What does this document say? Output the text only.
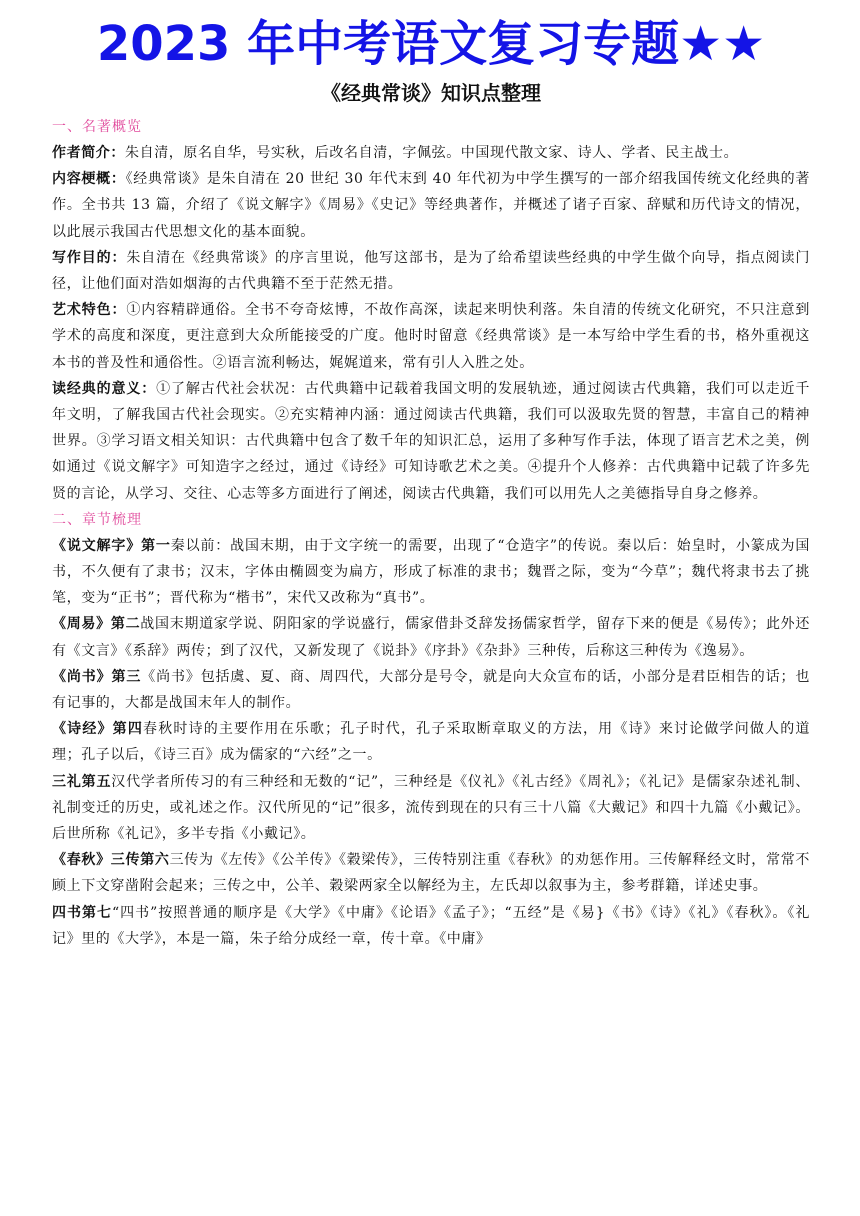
2023 年中考语文复习专题★★
《经典常谈》知识点整理
一、名著概览

作者简介：朱自清，原名自华，号实秋，后改名自清，字佩弦。中国现代散文家、诗人、学者、民主战士。

内容梗概：《经典常谈》是朱自清在 20 世纪 30 年代末到 40 年代初为中学生撰写的一部介绍我国传统文化经典的著作。全书共 13 篇，介绍了《说文解字》《周易》《史记》等经典著作，并概述了诸子百家、辞赋和历代诗文的情况，以此展示我国古代思想文化的基本面貌。

写作目的：朱自清在《经典常谈》的序言里说，他写这部书，是为了给希望读些经典的中学生做个向导，指点阅读门径，让他们面对浩如烟海的古代典籍不至于茫然无措。

艺术特色：①内容精辟通俗。全书不夸奇炫博，不故作高深，读起来明快利落。朱自清的传统文化研究，不只注意到学术的高度和深度，更注意到大众所能接受的广度。他时时留意《经典常谈》是一本写给中学生看的书，格外重视这本书的普及性和通俗性。②语言流利畅达，娓娓道来，常有引人入胜之处。

读经典的意义：①了解古代社会状况：古代典籍中记载着我国文明的发展轨迹，通过阅读古代典籍，我们可以走近千年文明，了解我国古代社会现实。②充实精神内涵：通过阅读古代典籍，我们可以汲取先贤的智慧，丰富自己的精神世界。③学习语文相关知识：古代典籍中包含了数千年的知识汇总，运用了多种写作手法，体现了语言艺术之美，例如通过《说文解字》可知造字之经过，通过《诗经》可知诗歌艺术之美。④提升个人修养：古代典籍中记载了许多先贤的言论，从学习、交往、心志等多方面进行了阐述，阅读古代典籍，我们可以用先人之美德指导自身之修养。

二、章节梳理

《说文解字》第一秦以前：战国末期，由于文字统一的需要，出现了“仓造字”的传说。秦以后：始皇时，小篆成为国书，不久便有了隶书；汉末，字体由椭圆变为扁方，形成了标准的隶书；魏晋之际，变为“今草”；魏代将隶书去了挑笔，变为“正书”；晋代称为“楷书”，宋代又改称为“真书”。

《周易》第二战国末期道家学说、阴阳家的学说盛行，儒家借卦爻辞发扬儒家哲学，留存下来的便是《易传》；此外还有《文言》《系辞》两传；到了汉代，又新发现了《说卦》《序卦》《杂卦》三种传，后称这三种传为《逸易》。

《尚书》第三《尚书》包括虞、夏、商、周四代，大部分是号令，就是向大众宣布的话，小部分是君臣相告的话；也有记事的，大都是战国末年人的制作。

《诗经》第四春秋时诗的主要作用在乐歌；孔子时代，孔子采取断章取义的方法，用《诗》来讨论做学问做人的道理；孔子以后，《诗三百》成为儒家的“六经”之一。

三礼第五汉代学者所传习的有三种经和无数的“记”，三种经是《仪礼》《礼古经》《周礼》；《礼记》是儒家杂述礼制、礼制变迁的历史，或礼述之作。汉代所见的“记”很多，流传到现在的只有三十八篇《大戴记》和四十九篇《小戴记》。后世所称《礼记》，多半专指《小戴记》。

《春秋》三传第六三传为《左传》《公羊传》《穀梁传》，三传特别注重《春秋》的劝惩作用。三传解释经文时，常常不顾上下文穿凿附会起来；三传之中，公羊、穀梁两家全以解经为主，左氏却以叙事为主，参考群籍，详述史事。

四书第七“四书”按照普通的顺序是《大学》《中庸》《论语》《孟子》；“五经”是《易}《书》《诗》《礼》《春秋》。《礼记》里的《大学》，本是一篇，朱子给分成经一章，传十章。《中庸》
